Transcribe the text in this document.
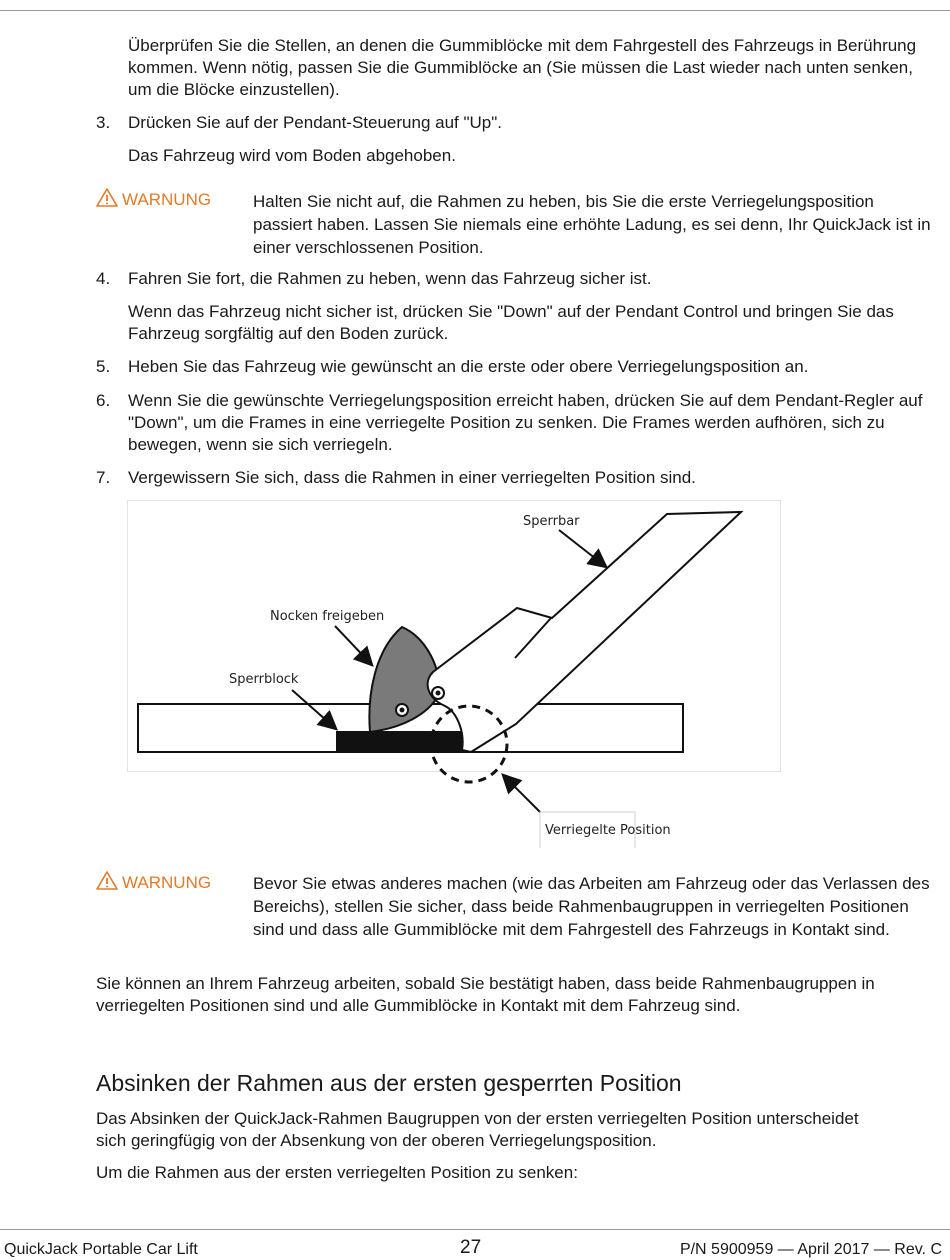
Überprüfen Sie die Stellen, an denen die Gummiblöcke mit dem Fahrgestell des Fahrzeugs in Berührung kommen. Wenn nötig, passen Sie die Gummiblöcke an (Sie müssen die Last wieder nach unten senken, um die Blöcke einzustellen).

3. Drücken Sie auf der Pendant-Steuerung auf "Up".

Das Fahrzeug wird vom Boden abgehoben.

WARNUNG Halten Sie nicht auf, die Rahmen zu heben, bis Sie die erste Verriegelungsposition passiert haben. Lassen Sie niemals eine erhöhte Ladung, es sei denn, Ihr QuickJack ist in einer verschlossenen Position.

4. Fahren Sie fort, die Rahmen zu heben, wenn das Fahrzeug sicher ist.

Wenn das Fahrzeug nicht sicher ist, drücken Sie "Down" auf der Pendant Control und bringen Sie das Fahrzeug sorgfältig auf den Boden zurück.

5. Heben Sie das Fahrzeug wie gewünscht an die erste oder obere Verriegelungsposition an.

6. Wenn Sie die gewünschte Verriegelungsposition erreicht haben, drücken Sie auf dem Pendant-Regler auf "Down", um die Frames in eine verriegelte Position zu senken. Die Frames werden aufhören, sich zu bewegen, wenn sie sich verriegeln.

7. Vergewissern Sie sich, dass die Rahmen in einer verriegelten Position sind.

Sperrbar
Nocken freigeben
Sperrblock
Verriegelte Position
WARNUNG Bevor Sie etwas anderes machen (wie das Arbeiten am Fahrzeug oder das Verlassen des Bereichs), stellen Sie sicher, dass beide Rahmenbaugruppen in verriegelten Positionen sind und dass alle Gummiblöcke mit dem Fahrgestell des Fahrzeugs in Kontakt sind.

Sie können an Ihrem Fahrzeug arbeiten, sobald Sie bestätigt haben, dass beide Rahmenbaugruppen in verriegelten Positionen sind und alle Gummiblöcke in Kontakt mit dem Fahrzeug sind.

Absinken der Rahmen aus der ersten gesperrten Position

Das Absinken der QuickJack-Rahmen Baugruppen von der ersten verriegelten Position unterscheidet sich geringfügig von der Absenkung von der oberen Verriegelungsposition.

Um die Rahmen aus der ersten verriegelten Position zu senken:

QuickJack Portable Car Lift	27	P/N 5900959 — April 2017 — Rev. C
